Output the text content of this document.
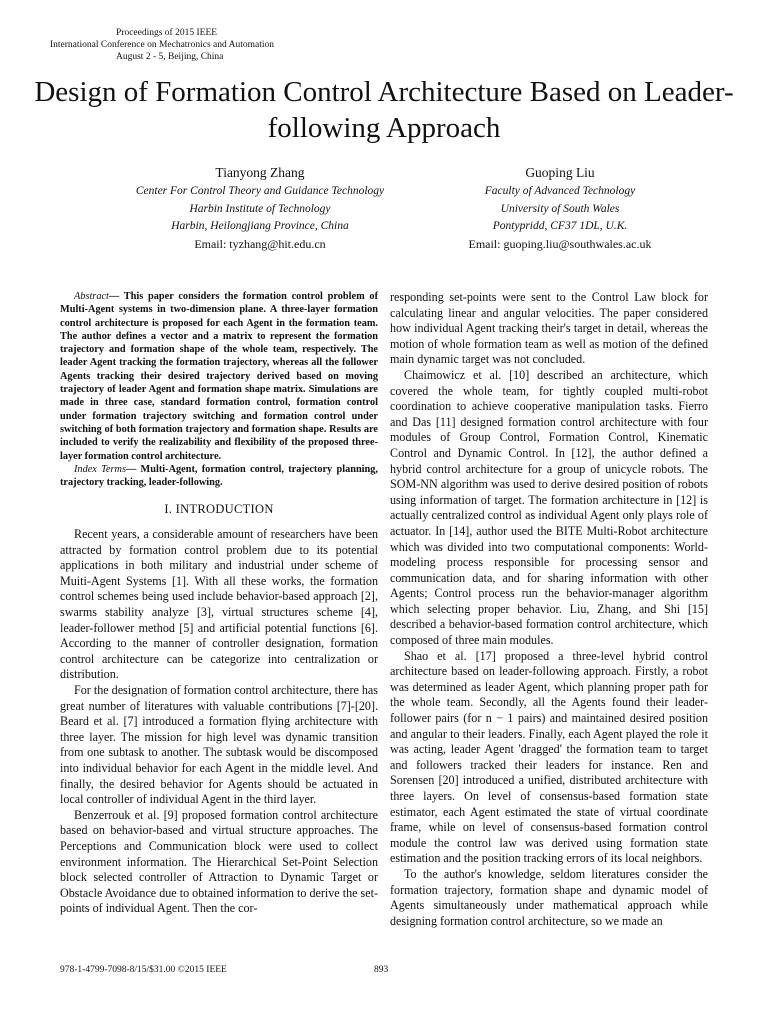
Proceedings of 2015 IEEE
International Conference on Mechatronics and Automation
August 2 - 5, Beijing, China
Design of Formation Control Architecture Based on Leader-following Approach
Tianyong Zhang
Center For Control Theory and Guidance Technology
Harbin Institute of Technology
Harbin, Heilongjiang Province, China
Email: tyzhang@hit.edu.cn
Guoping Liu
Faculty of Advanced Technology
University of South Wales
Pontypridd, CF37 1DL, U.K.
Email: guoping.liu@southwales.ac.uk

Abstract— This paper considers the formation control problem of Multi-Agent systems in two-dimension plane. A three-layer formation control architecture is proposed for each Agent in the formation team. The author defines a vector and a matrix to represent the formation trajectory and formation shape of the whole team, respectively. The leader Agent tracking the formation trajectory, whereas all the follower Agents tracking their desired trajectory derived based on moving trajectory of leader Agent and formation shape matrix. Simulations are made in three case, standard formation control, formation control under formation trajectory switching and formation control under switching of both formation trajectory and formation shape. Results are included to verify the realizability and flexibility of the proposed three-layer formation control architecture.

Index Terms— Multi-Agent, formation control, trajectory planning, trajectory tracking, leader-following.

I. INTRODUCTION

Recent years, a considerable amount of researchers have been attracted by formation control problem due to its potential applications in both military and industrial under scheme of Muiti-Agent Systems [1]. With all these works, the formation control schemes being used include behavior-based approach [2], swarms stability analyze [3], virtual structures scheme [4], leader-follower method [5] and artificial potential functions [6]. According to the manner of controller designation, formation control architecture can be categorize into centralization or distribution.

For the designation of formation control architecture, there has great number of literatures with valuable contributions [7]-[20]. Beard et al. [7] introduced a formation flying architecture with three layer. The mission for high level was dynamic transition from one subtask to another. The subtask would be discomposed into individual behavior for each Agent in the middle level. And finally, the desired behavior for Agents should be actuated in local controller of individual Agent in the third layer.

Benzerrouk et al. [9] proposed formation control architecture based on behavior-based and virtual structure approaches. The Perceptions and Communication block were used to collect environment information. The Hierarchical Set-Point Selection block selected controller of Attraction to Dynamic Target or Obstacle Avoidance due to obtained information to derive the set-points of individual Agent. Then the cor-

responding set-points were sent to the Control Law block for calculating linear and angular velocities. The paper considered how individual Agent tracking their's target in detail, whereas the motion of whole formation team as well as motion of the defined main dynamic target was not concluded.

Chaimowicz et al. [10] described an architecture, which covered the whole team, for tightly coupled multi-robot coordination to achieve cooperative manipulation tasks. Fierro and Das [11] designed formation control architecture with four modules of Group Control, Formation Control, Kinematic Control and Dynamic Control. In [12], the author defined a hybrid control architecture for a group of unicycle robots. The SOM-NN algorithm was used to derive desired position of robots using information of target. The formation architecture in [12] is actually centralized control as individual Agent only plays role of actuator. In [14], author used the BITE Multi-Robot architecture which was divided into two computational components: World-modeling process responsible for processing sensor and communication data, and for sharing information with other Agents; Control process run the behavior-manager algorithm which selecting proper behavior. Liu, Zhang, and Shi [15] described a behavior-based formation control architecture, which composed of three main modules.

Shao et al. [17] proposed a three-level hybrid control architecture based on leader-following approach. Firstly, a robot was determined as leader Agent, which planning proper path for the whole team. Secondly, all the Agents found their leader-follower pairs (for n − 1 pairs) and maintained desired position and angular to their leaders. Finally, each Agent played the role it was acting, leader Agent 'dragged' the formation team to target and followers tracked their leaders for instance. Ren and Sorensen [20] introduced a unified, distributed architecture with three layers. On level of consensus-based formation state estimator, each Agent estimated the state of virtual coordinate frame, while on level of consensus-based formation control module the control law was derived using formation state estimation and the position tracking errors of its local neighbors.

To the author's knowledge, seldom literatures consider the formation trajectory, formation shape and dynamic model of Agents simultaneously under mathematical approach while designing formation control architecture, so we made an

978-1-4799-7098-8/15/$31.00 ©2015 IEEE	893
